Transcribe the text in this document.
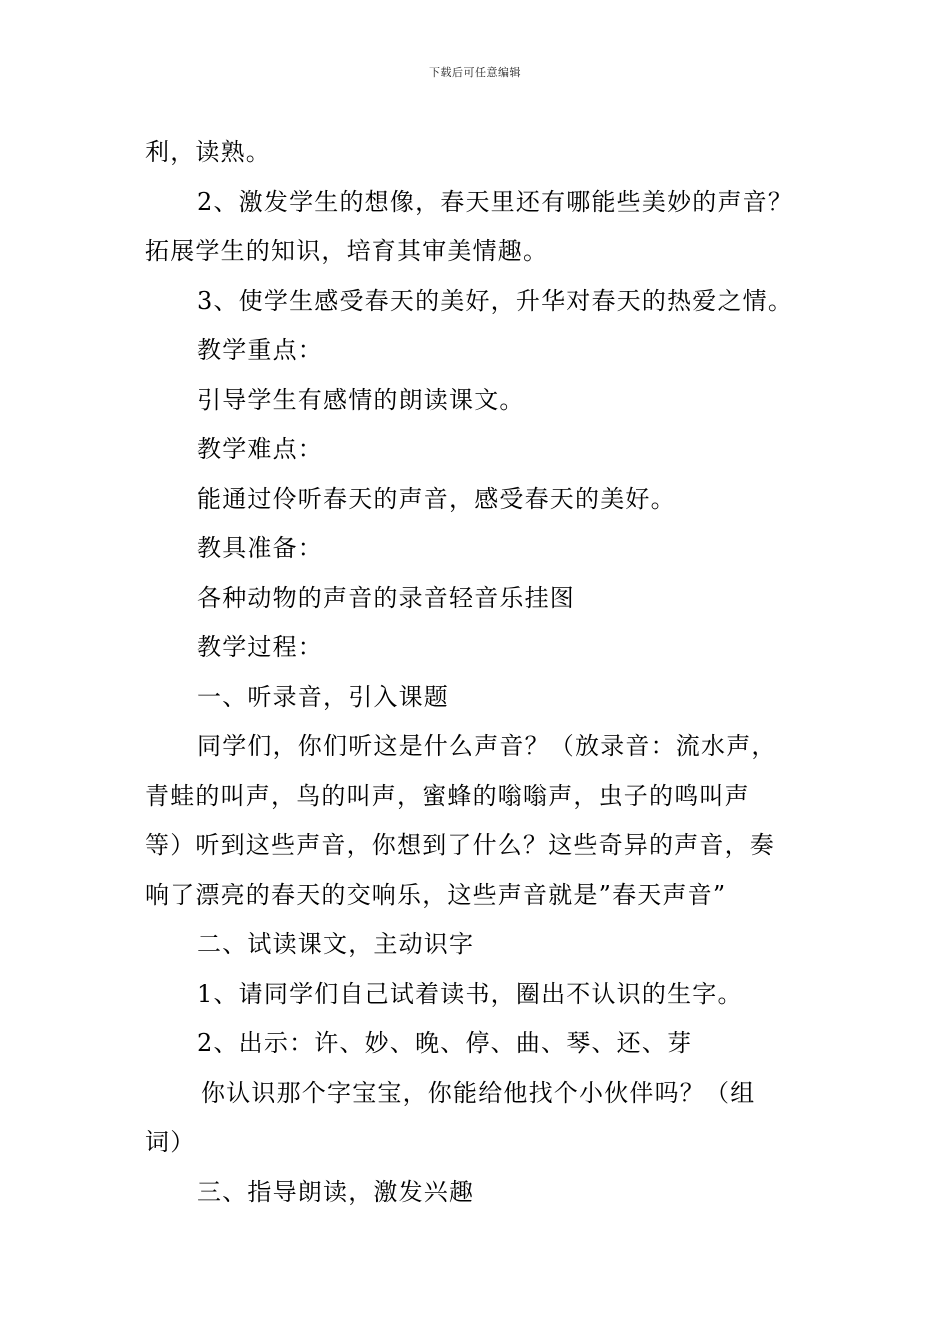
下载后可任意编辑
利，读熟。
2、激发学生的想像，春天里还有哪能些美妙的声音？
拓展学生的知识，培育其审美情趣。
3、使学生感受春天的美好，升华对春天的热爱之情。
教学重点：
引导学生有感情的朗读课文。
教学难点：
能通过伶听春天的声音，感受春天的美好。
教具准备：
各种动物的声音的录音轻音乐挂图
教学过程：
一、听录音，引入课题
同学们，你们听这是什么声音？（放录音：流水声，
青蛙的叫声，鸟的叫声，蜜蜂的嗡嗡声，虫子的鸣叫声
等）听到这些声音，你想到了什么？这些奇异的声音，奏
响了漂亮的春天的交响乐，这些声音就是”春天声音”
二、试读课文，主动识字
1、请同学们自己试着读书，圈出不认识的生字。
2、出示：许、妙、晚、停、曲、琴、还、芽
你认识那个字宝宝，你能给他找个小伙伴吗？（组
词）
三、指导朗读，激发兴趣
